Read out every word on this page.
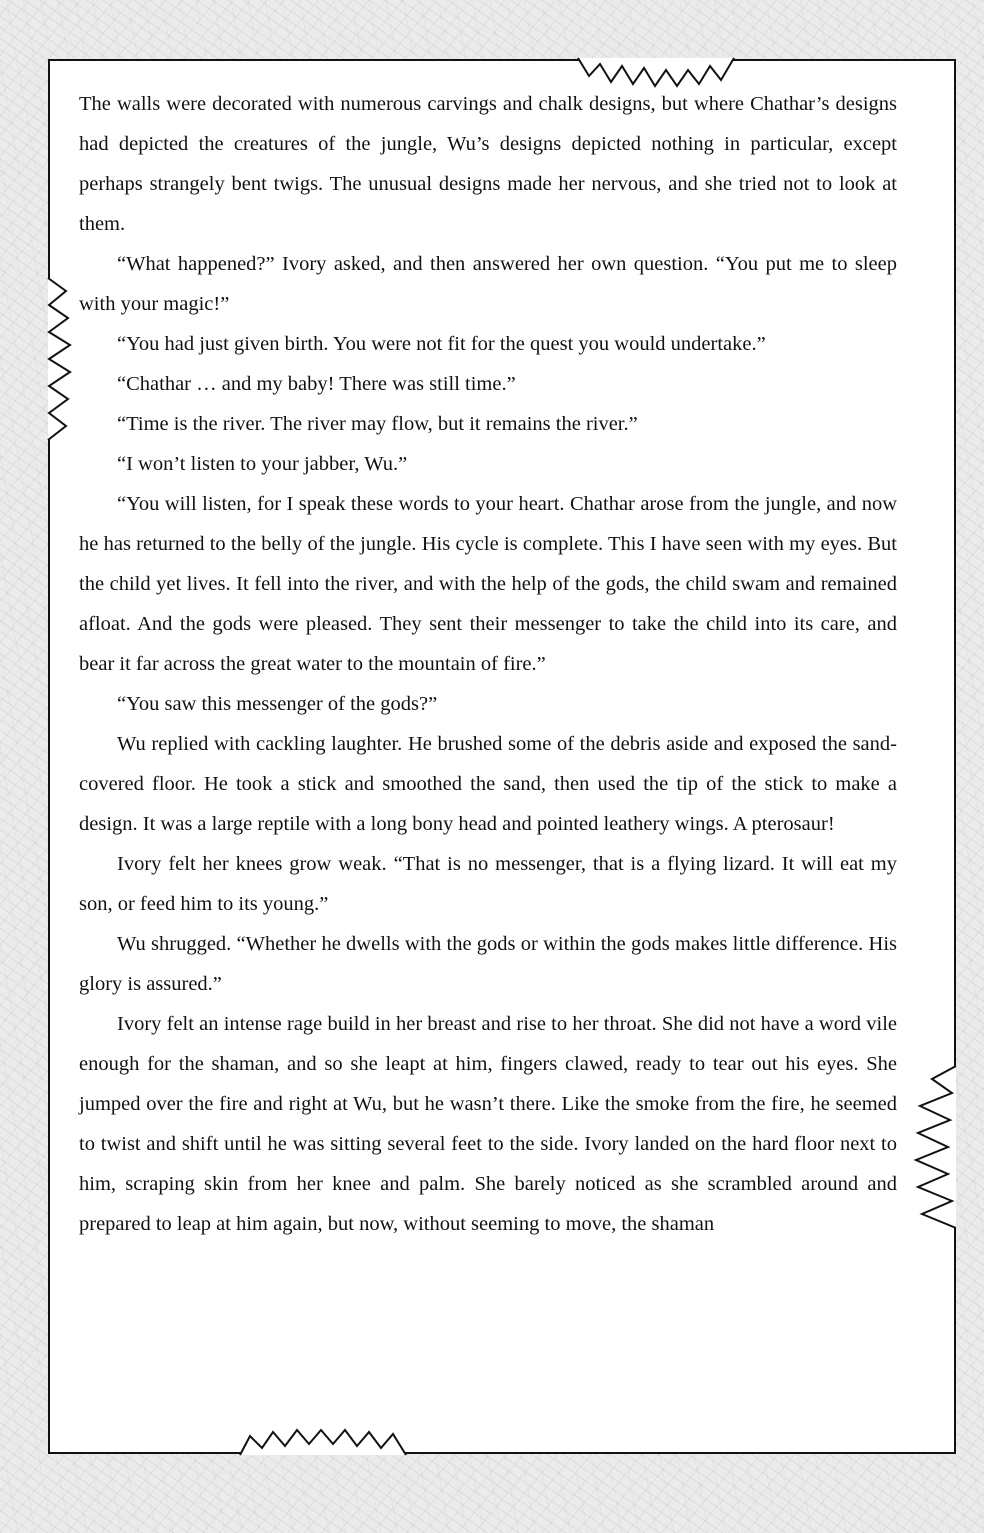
The walls were decorated with numerous carvings and chalk designs, but where Chathar’s designs had depicted the creatures of the jungle, Wu’s designs depicted nothing in particular, except perhaps strangely bent twigs. The unusual designs made her nervous, and she tried not to look at them.

“What happened?” Ivory asked, and then answered her own question. “You put me to sleep with your magic!”

“You had just given birth. You were not fit for the quest you would undertake.”

“Chathar … and my baby! There was still time.”

“Time is the river. The river may flow, but it remains the river.”

“I won’t listen to your jabber, Wu.”

“You will listen, for I speak these words to your heart. Chathar arose from the jungle, and now he has returned to the belly of the jungle. His cycle is complete. This I have seen with my eyes. But the child yet lives. It fell into the river, and with the help of the gods, the child swam and remained afloat. And the gods were pleased. They sent their messenger to take the child into its care, and bear it far across the great water to the mountain of fire.”

“You saw this messenger of the gods?”

Wu replied with cackling laughter. He brushed some of the debris aside and exposed the sand-covered floor. He took a stick and smoothed the sand, then used the tip of the stick to make a design. It was a large reptile with a long bony head and pointed leathery wings. A pterosaur!

Ivory felt her knees grow weak. “That is no messenger, that is a flying lizard. It will eat my son, or feed him to its young.”

Wu shrugged. “Whether he dwells with the gods or within the gods makes little difference. His glory is assured.”

Ivory felt an intense rage build in her breast and rise to her throat. She did not have a word vile enough for the shaman, and so she leapt at him, fingers clawed, ready to tear out his eyes. She jumped over the fire and right at Wu, but he wasn’t there. Like the smoke from the fire, he seemed to twist and shift until he was sitting several feet to the side. Ivory landed on the hard floor next to him, scraping skin from her knee and palm. She barely noticed as she scrambled around and prepared to leap at him again, but now, without seeming to move, the shaman
